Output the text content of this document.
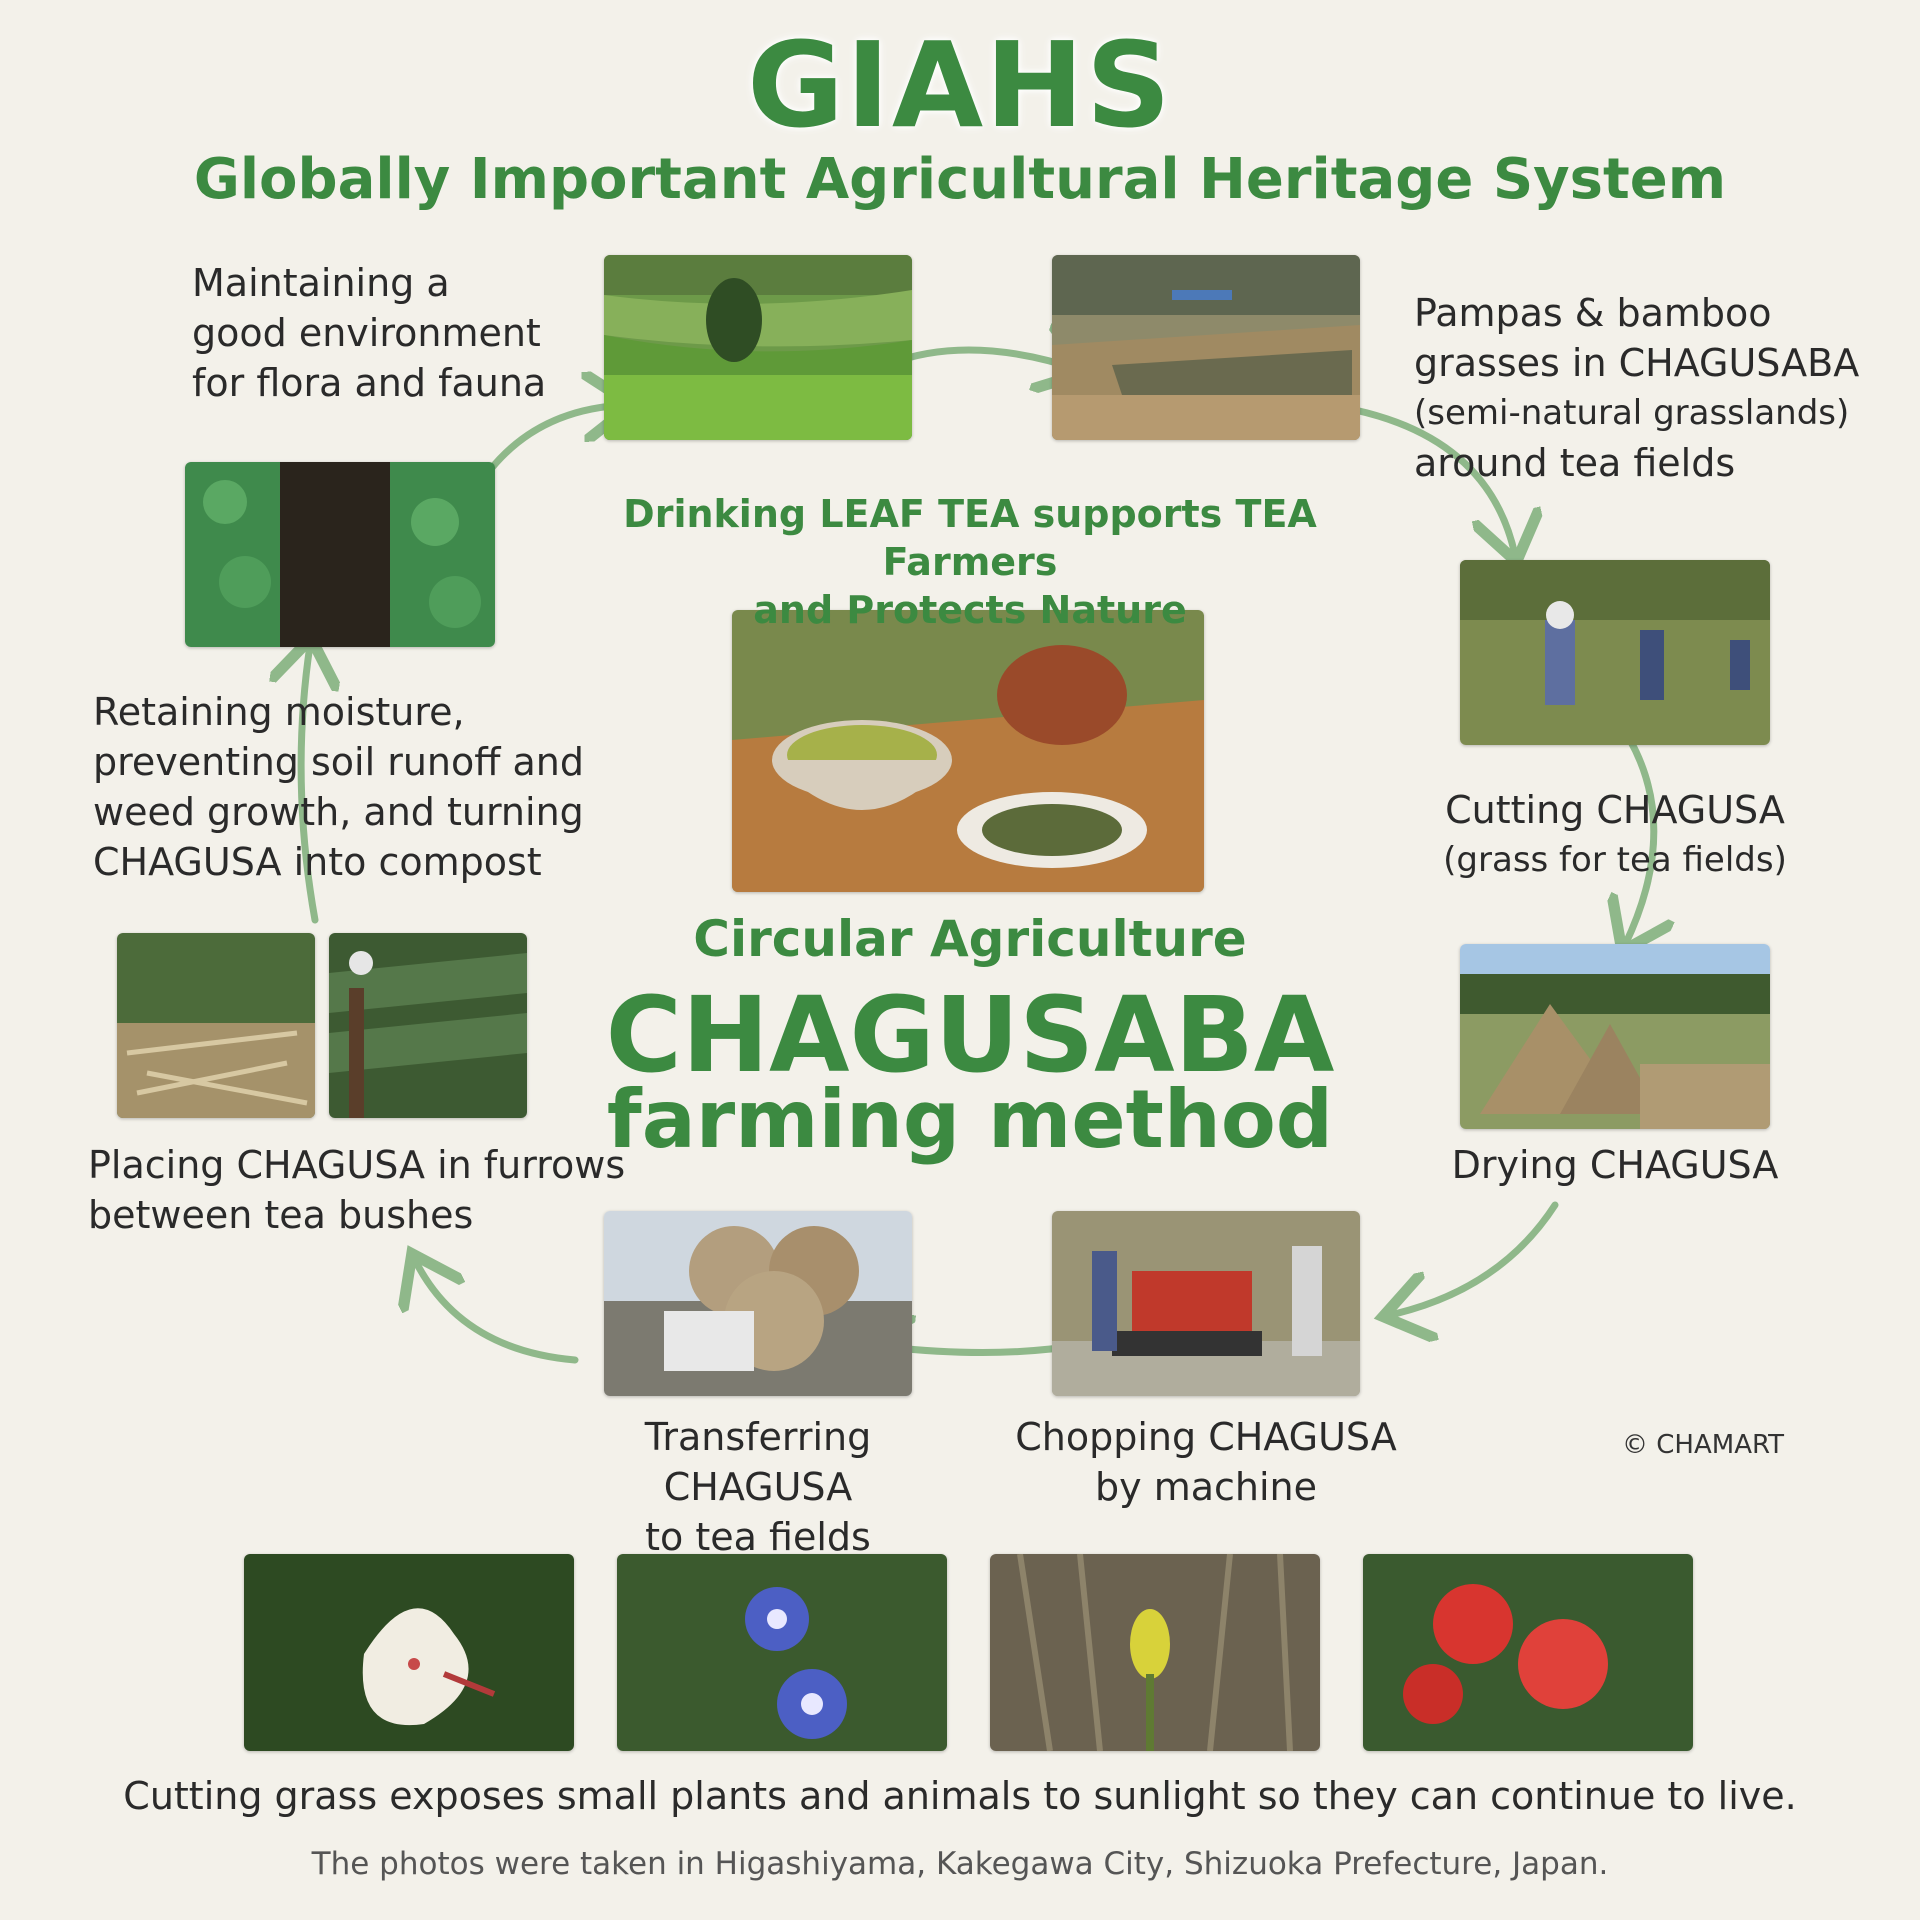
GIAHS
Globally Important Agricultural Heritage System
Maintaining a
good environment
for flora and fauna
Pampas & bamboo
grasses in CHAGUSABA
(semi-natural grasslands)
around tea fields
Cutting CHAGUSA
(grass for tea fields)
Drying CHAGUSA
Chopping CHAGUSA
by machine
Transferring CHAGUSA
to tea fields
Placing CHAGUSA in furrows
between tea bushes
Retaining moisture,
preventing soil runoff and
weed growth, and turning
CHAGUSA into compost
Drinking LEAF TEA supports TEA Farmers
and Protects Nature
Circular Agriculture
CHAGUSABA
farming method
© CHAMART
Cutting grass exposes small plants and animals to sunlight so they can continue to live.
The photos were taken in Higashiyama, Kakegawa City, Shizuoka Prefecture, Japan.
